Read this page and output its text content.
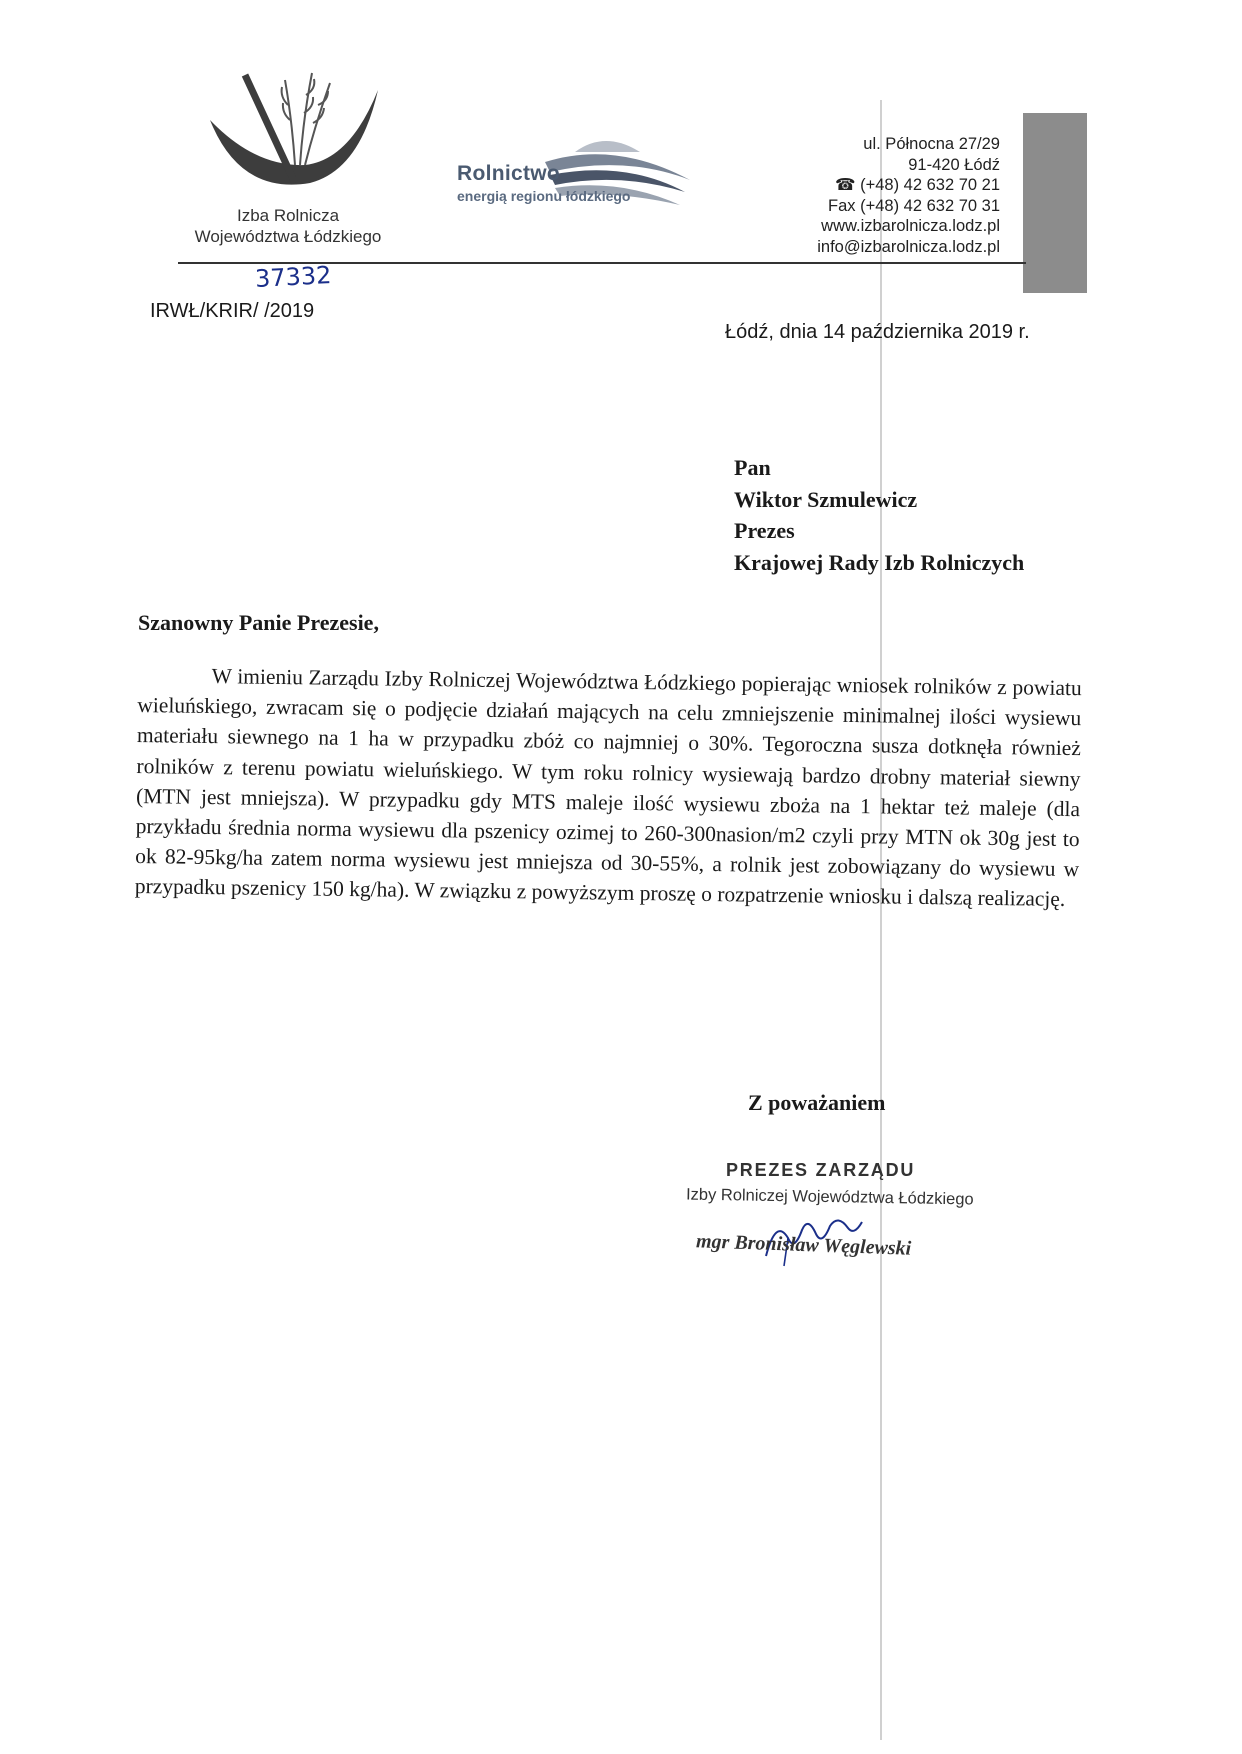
Izba Rolnicza
Województwa Łódzkiego
Rolnictwo
energią regionu łódzkiego
ul. Północna 27/29
91-420 Łódź
☎ (+48) 42 632 70 21
Fax (+48) 42 632 70 31
www.izbarolnicza.lodz.pl
info@izbarolnicza.lodz.pl
37332
IRWŁ/KRIR/ /2019
Łódź, dnia 14 października 2019 r.
Pan
Wiktor Szmulewicz
Prezes
Krajowej Rady Izb Rolniczych
Szanowny Panie Prezesie,
W imieniu Zarządu Izby Rolniczej Województwa Łódzkiego popierając wniosek rolników z powiatu wieluńskiego, zwracam się o podjęcie działań mających na celu zmniejszenie minimalnej ilości wysiewu materiału siewnego na 1 ha w przypadku zbóż co najmniej o 30%. Tegoroczna susza dotknęła również rolników z terenu powiatu wieluńskiego. W tym roku rolnicy wysiewają bardzo drobny materiał siewny (MTN jest mniejsza). W przypadku gdy MTS maleje ilość wysiewu zboża na 1 hektar też maleje (dla przykładu średnia norma wysiewu dla pszenicy ozimej to 260-300nasion/m2 czyli przy MTN ok 30g jest to ok 82-95kg/ha zatem norma wysiewu jest mniejsza od 30-55%, a rolnik jest zobowiązany do wysiewu w przypadku pszenicy 150 kg/ha). W związku z powyższym proszę o rozpatrzenie wniosku i dalszą realizację.
Z poważaniem
PREZES ZARZĄDU
Izby Rolniczej Województwa Łódzkiego
mgr Bronisław Węglewski
